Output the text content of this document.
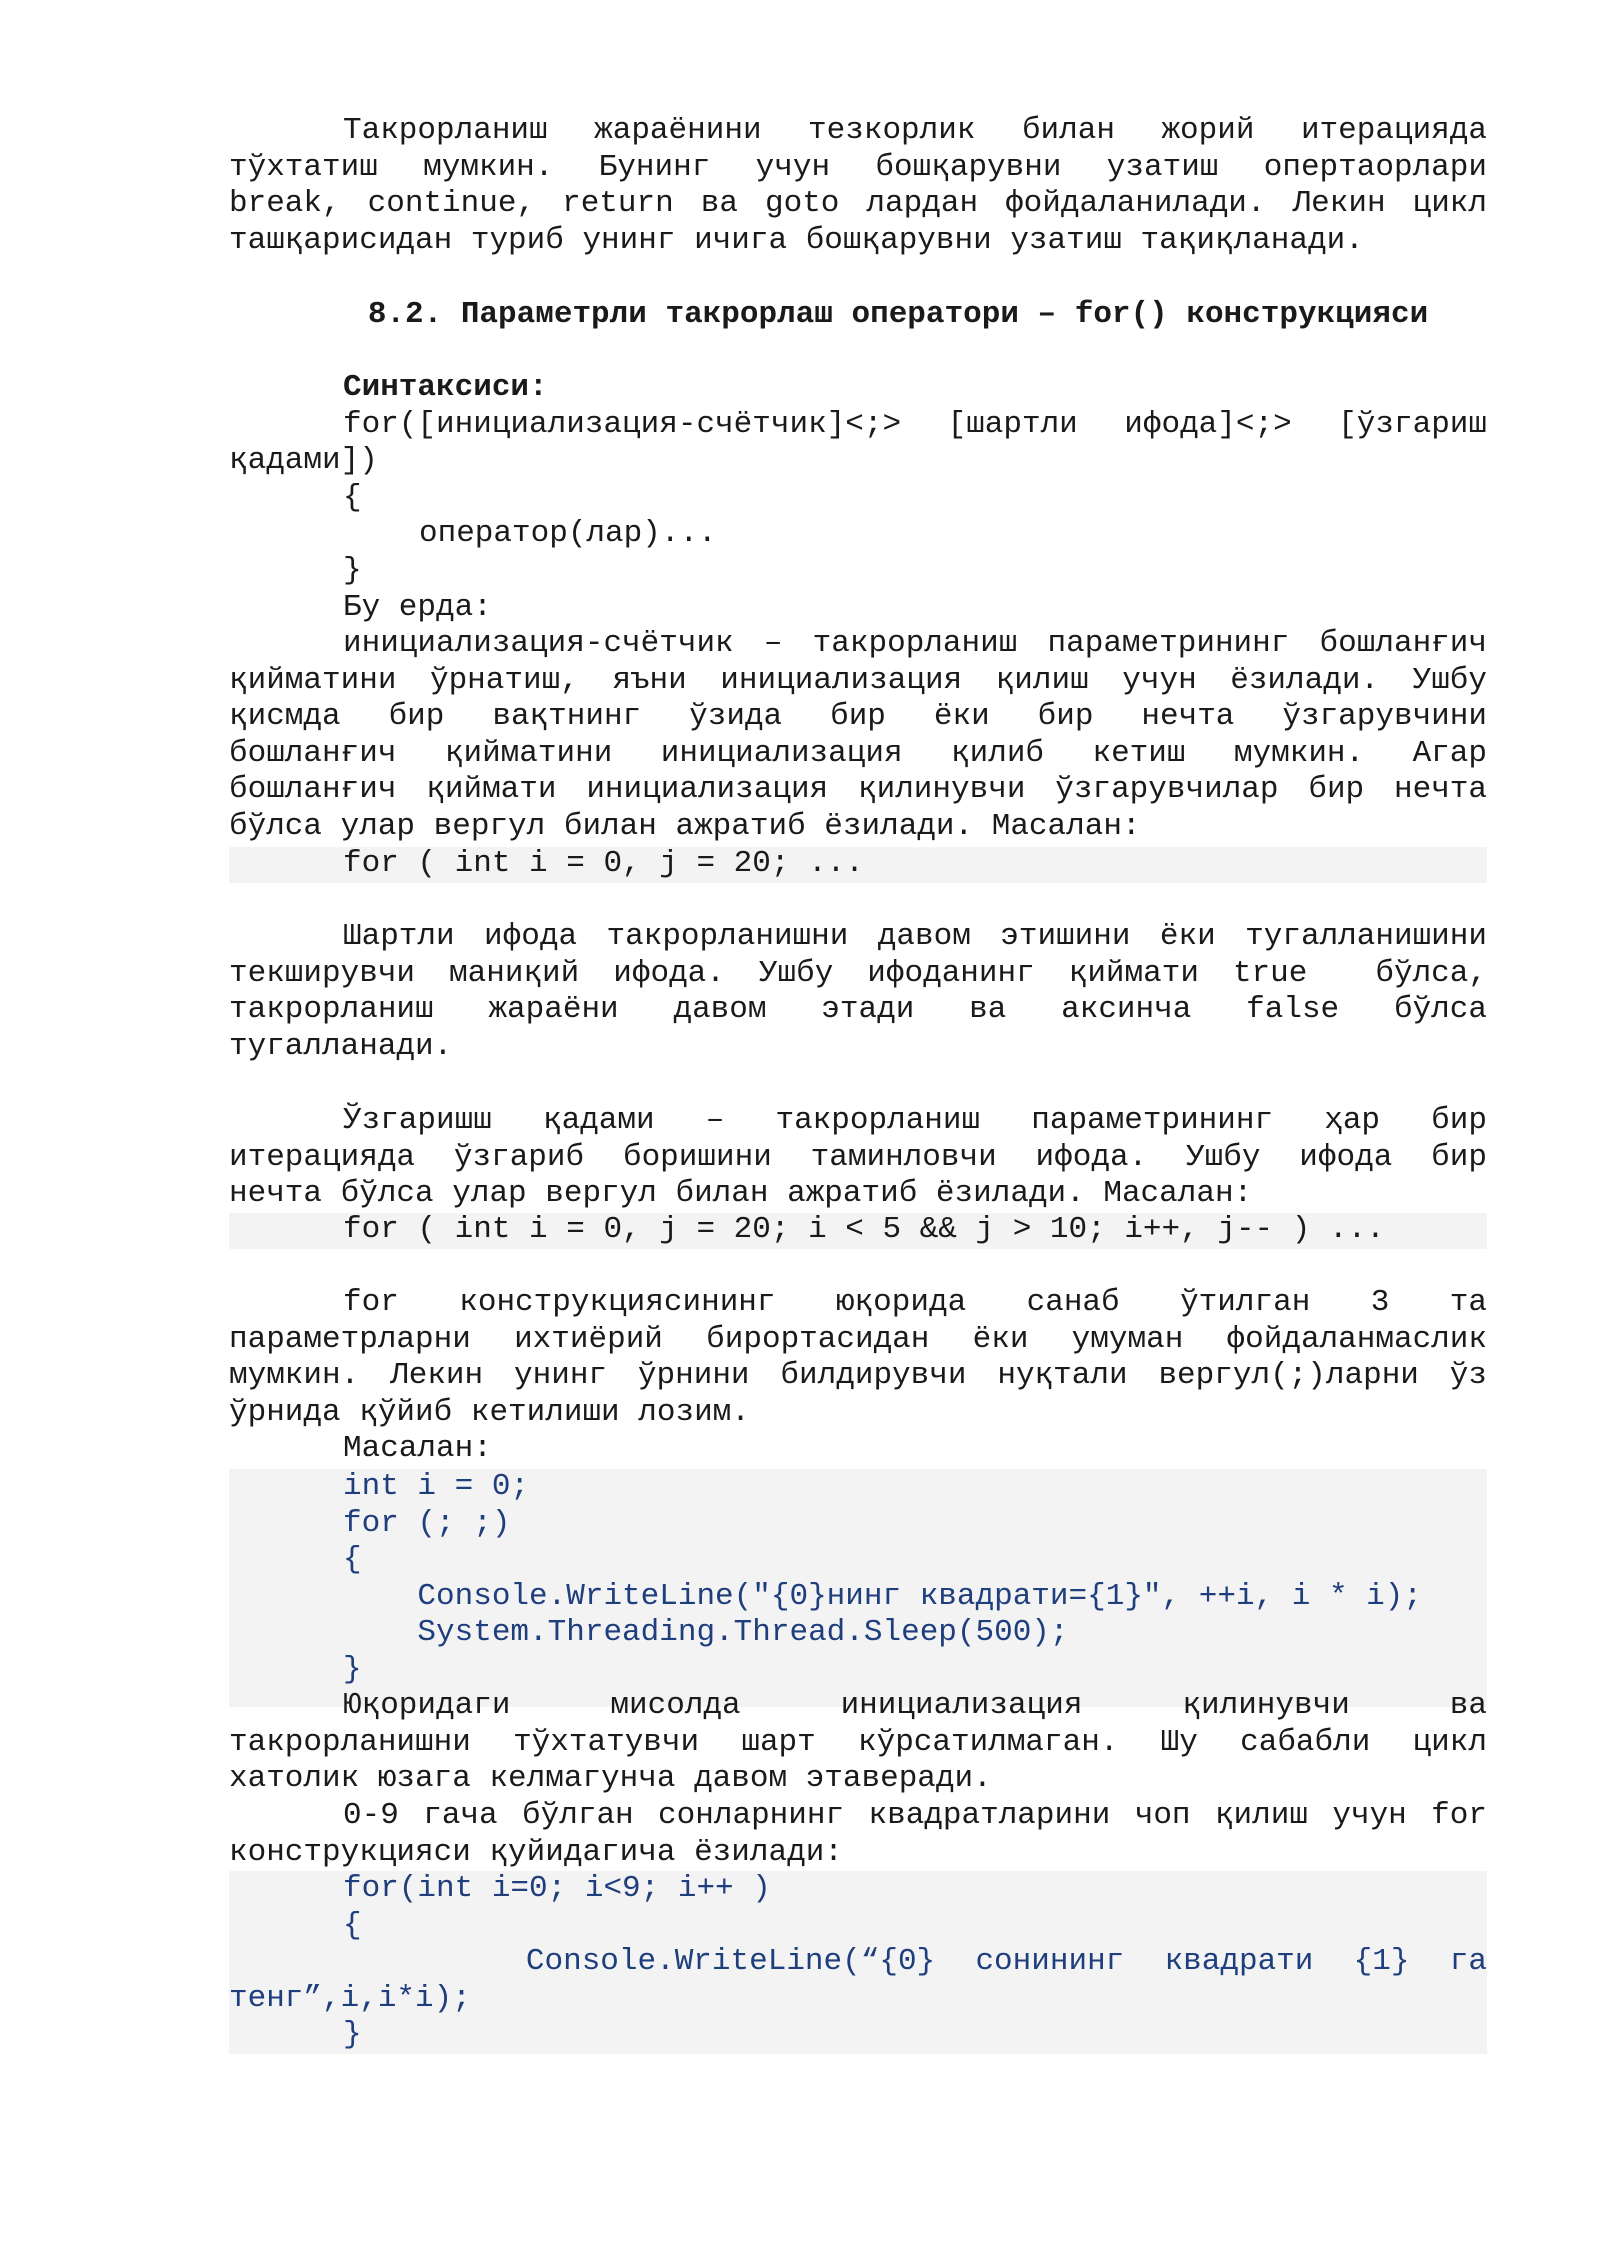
Такрорланиш жараёнини тезкорлик билан жорий итерацияда
тўхтатиш мумкин. Бунинг учун бошқарувни узатиш опертаорлари
break, continue, return ва goto лардан фойдаланилади. Лекин цикл
ташқарисидан туриб унинг ичига бошқарувни узатиш тақиқланади.
8.2. Параметрли такрорлаш оператори – for() конструкцияси
Синтаксиси:
for([инициализация-счётчик]<;> [шартли ифода]<;> [ўзгариш
қадами])
{
оператор(лар)...
}
Бу ерда:
инициализация-счётчик – такрорланиш параметрининг бошланғич
қийматини ўрнатиш, яъни инициализация қилиш учун ёзилади. Ушбу
қисмда бир вақтнинг ўзида бир ёки бир нечта ўзгарувчини
бошланғич қийматини инициализация қилиб кетиш мумкин. Агар
бошланғич қиймати инициализация қилинувчи ўзгарувчилар бир нечта
бўлса улар вергул билан ажратиб ёзилади. Масалан:
for ( int i = 0, j = 20; ...
Шартли ифода такрорланишни давом этишини ёки тугалланишини
текширувчи маниқий ифода. Ушбу ифоданинг қиймати true  бўлса,
такрорланиш жараёни давом этади ва аксинча false бўлса
тугалланади.
Ўзгаришш қадами – такрорланиш параметрининг ҳар бир
итерацияда ўзгариб боришини таминловчи ифода. Ушбу ифода бир
нечта бўлса улар вергул билан ажратиб ёзилади. Масалан:
for ( int i = 0, j = 20; i < 5 && j > 10; i++, j-- ) ...
for конструкциясининг юқорида санаб ўтилган 3 та
параметрларни ихтиёрий бирортасидан ёки умуман фойдаланмаслик
мумкин. Лекин унинг ўрнини билдирувчи нуқтали вергул(;)ларни ўз
ўрнида қўйиб кетилиши лозим.
Масалан:
int i = 0;
for (; ;)
{
Console.WriteLine("{0}нинг квадрати={1}", ++i, i * i);
System.Threading.Thread.Sleep(500);
}
Юқоридаги мисолда инициализация қилинувчи ва
такрорланишни тўхтатувчи шарт кўрсатилмаган. Шу сабабли цикл
хатолик юзага келмагунча давом этаверади.
0-9 гача бўлган сонларнинг квадратларини чоп қилиш учун for
конструкцияси қуйидагича ёзилади:
for(int i=0; i<9; i++ )
{
Console.WriteLine(“{0} сонининг квадрати {1} га
тенг”,i,i*i);
}
